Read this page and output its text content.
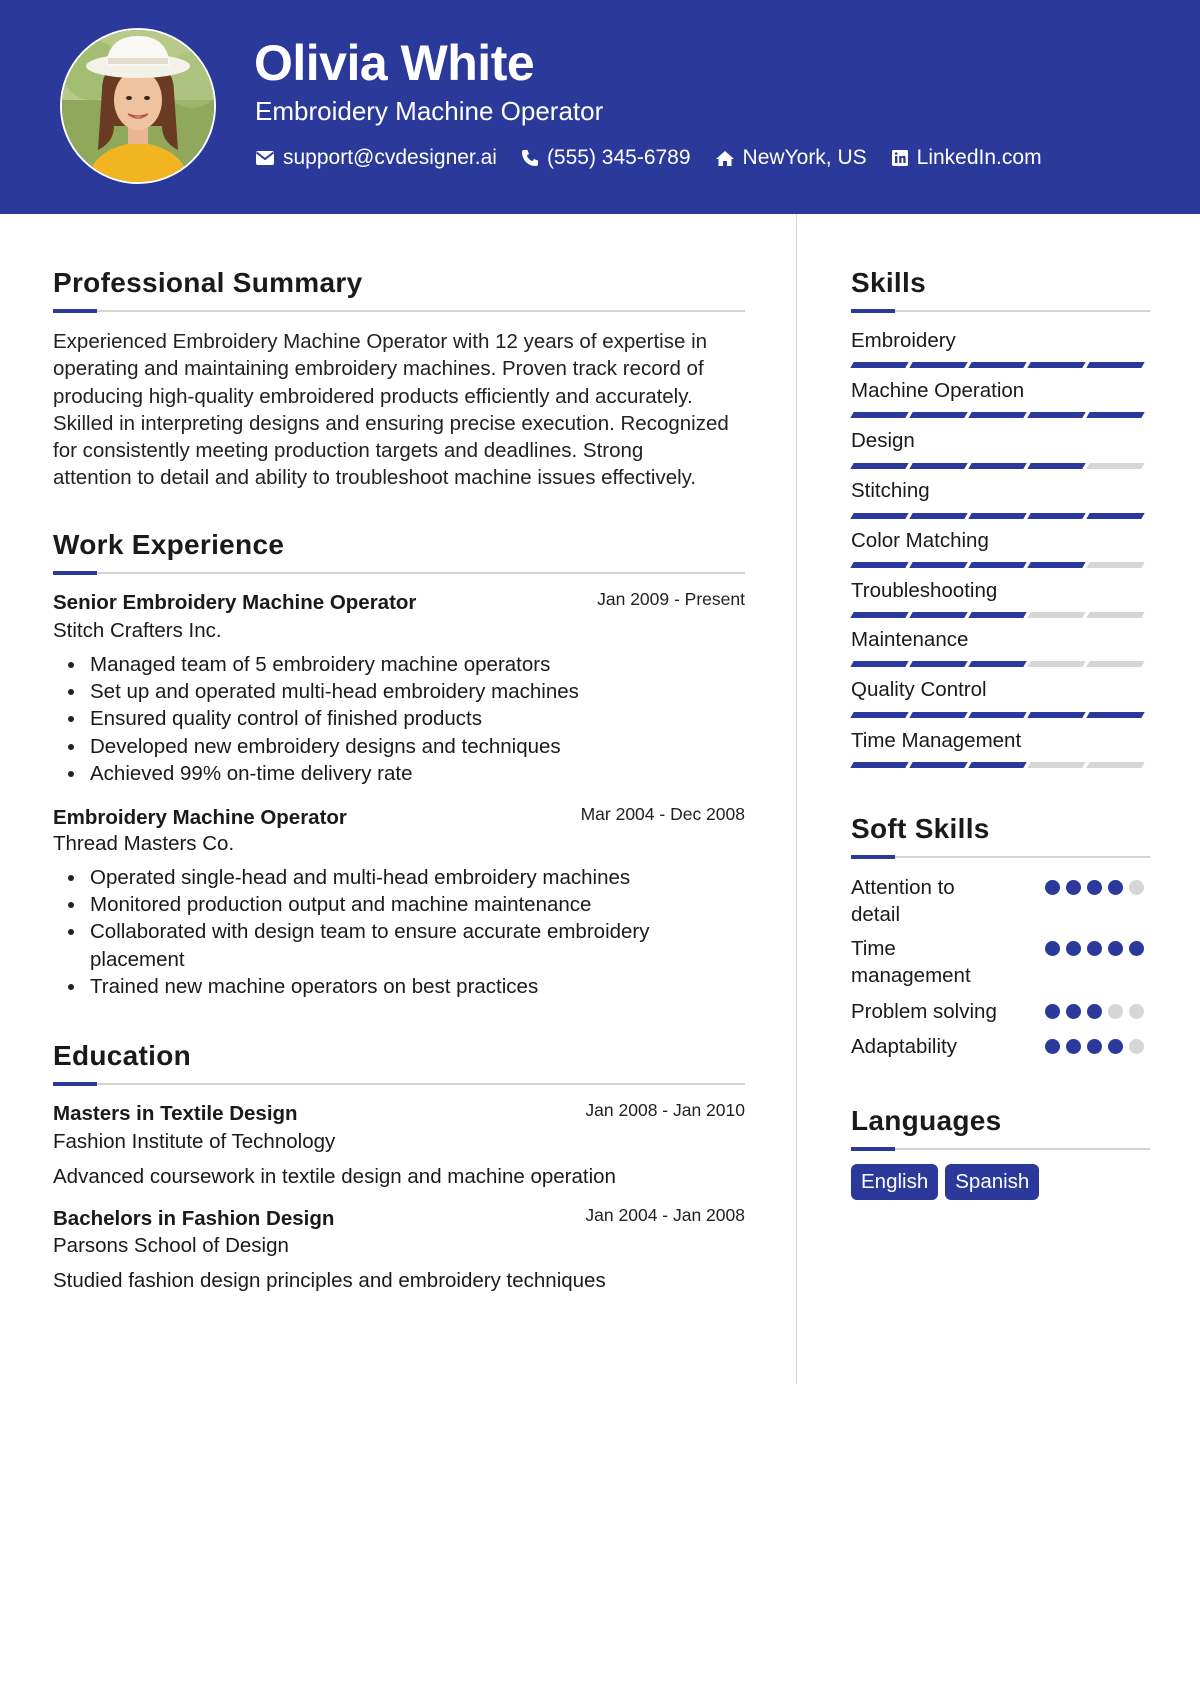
Olivia White
Embroidery Machine Operator
support@cvdesigner.ai (555) 345-6789 NewYork, US LinkedIn.com
Professional Summary
Experienced Embroidery Machine Operator with 12 years of expertise in
operating and maintaining embroidery machines. Proven track record of
producing high-quality embroidered products efficiently and accurately.
Skilled in interpreting designs and ensuring precise execution. Recognized
for consistently meeting production targets and deadlines. Strong
attention to detail and ability to troubleshoot machine issues effectively.
Work Experience
Senior Embroidery Machine Operator	Jan 2009 - Present
Stitch Crafters Inc.
Managed team of 5 embroidery machine operators
Set up and operated multi-head embroidery machines
Ensured quality control of finished products
Developed new embroidery designs and techniques
Achieved 99% on-time delivery rate
Embroidery Machine Operator	Mar 2004 - Dec 2008
Thread Masters Co.
Operated single-head and multi-head embroidery machines
Monitored production output and machine maintenance
Collaborated with design team to ensure accurate embroidery placement
Trained new machine operators on best practices
Education
Masters in Textile Design	Jan 2008 - Jan 2010
Fashion Institute of Technology
Advanced coursework in textile design and machine operation
Bachelors in Fashion Design	Jan 2004 - Jan 2008
Parsons School of Design
Studied fashion design principles and embroidery techniques
Skills
Embroidery
Machine Operation
Design
Stitching
Color Matching
Troubleshooting
Maintenance
Quality Control
Time Management
Soft Skills
Attention to detail
Time management
Problem solving
Adaptability
Languages
English	Spanish
